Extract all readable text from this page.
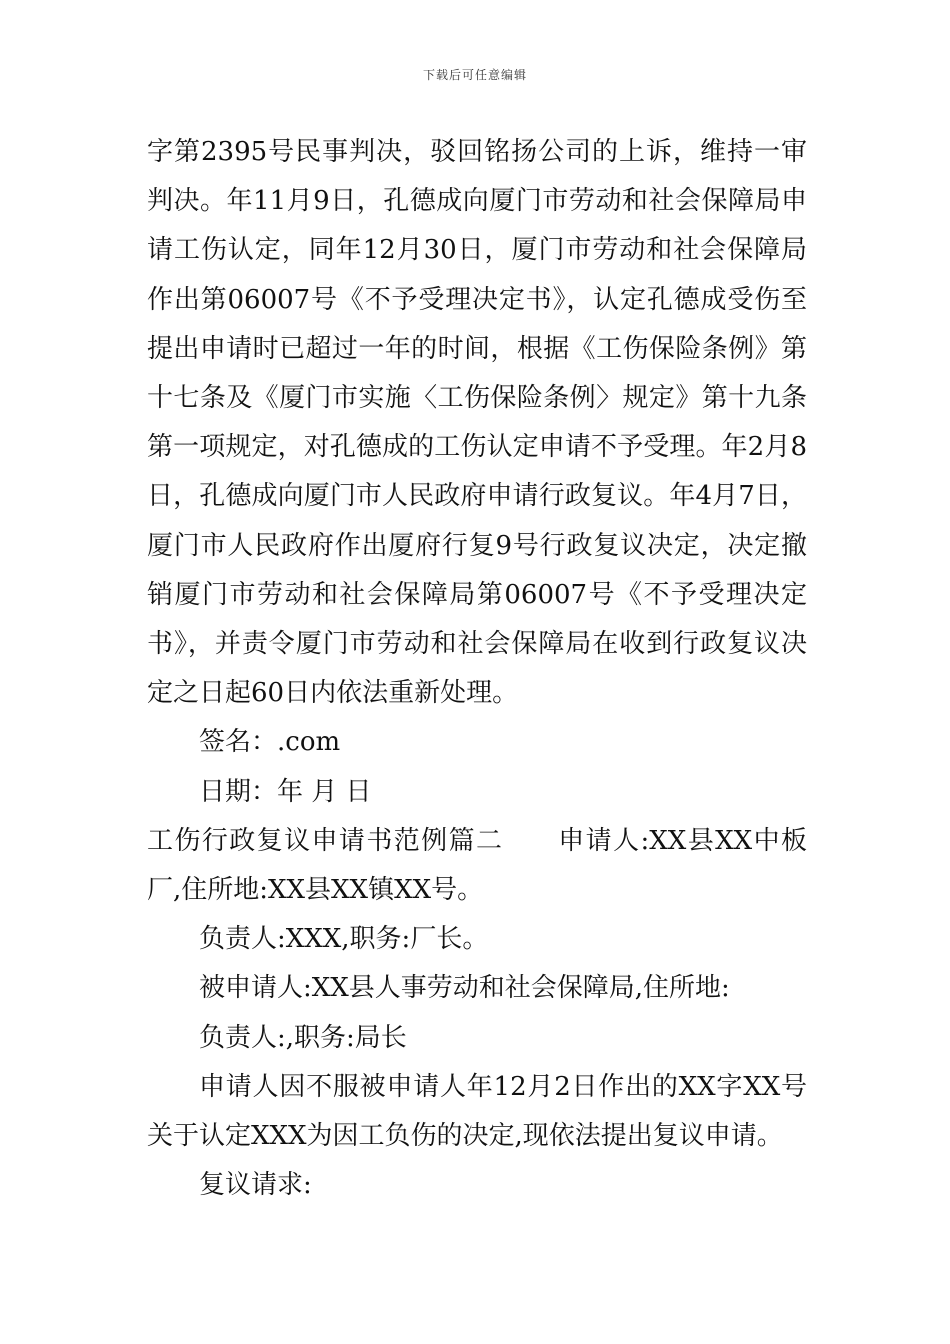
下载后可任意编辑

字第2395号民事判决，驳回铭扬公司的上诉，维持一审判决。年11月9日，孔德成向厦门市劳动和社会保障局申请工伤认定，同年12月30日，厦门市劳动和社会保障局作出第06007号《不予受理决定书》，认定孔德成受伤至提出申请时已超过一年的时间，根据《工伤保险条例》第十七条及《厦门市实施〈工伤保险条例〉规定》第十九条第一项规定，对孔德成的工伤认定申请不予受理。年2月8日，孔德成向厦门市人民政府申请行政复议。年4月7日，厦门市人民政府作出厦府行复9号行政复议决定，决定撤销厦门市劳动和社会保障局第06007号《不予受理决定书》，并责令厦门市劳动和社会保障局在收到行政复议决定之日起60日内依法重新处理。

签名：.com

日期：年 月 日

工伤行政复议申请书范例篇二　　申请人:XX县XX中板厂,住所地:XX县XX镇XX号。

负责人:XXX,职务:厂长。

被申请人:XX县人事劳动和社会保障局,住所地:

负责人:,职务:局长

申请人因不服被申请人年12月2日作出的XX字XX号关于认定XXX为因工负伤的决定,现依法提出复议申请。

复议请求:
